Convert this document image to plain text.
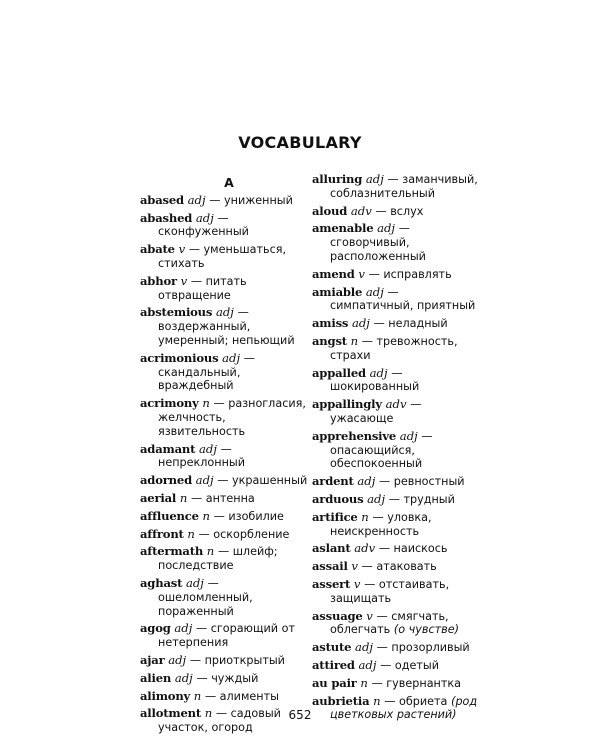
VOCABULARY
A
abased adj — униженный
abashed adj — сконфуженный
abate v — уменьшаться, стихать
abhor v — питать отвращение
abstemious adj — воздержанный, умеренный; непьющий
acrimonious adj — скандальный, враждебный
acrimony n — разногласия, желчность, язвительность
adamant adj — непреклонный
adorned adj — украшенный
aerial n — антенна
affluence n — изобилие
affront n — оскорбление
aftermath n — шлейф; последствие
aghast adj — ошеломленный, пораженный
agog adj — сгорающий от нетерпения
ajar adj — приоткрытый
alien adj — чуждый
alimony n — алименты
allotment n — садовый участок, огород
alluring adj — заманчивый, соблазнительный
aloud adv — вслух
amenable adj — сговорчивый, расположенный
amend v — исправлять
amiable adj — симпатичный, приятный
amiss adj — неладный
angst n — тревожность, страхи
appalled adj — шокированный
appallingly adv — ужасающе
apprehensive adj — опасающийся, обеспокоенный
ardent adj — ревностный
arduous adj — трудный
artifice n — уловка, неискренность
aslant adv — наискось
assail v — атаковать
assert v — отстаивать, защищать
assuage v — смягчать, облегчать (о чувстве)
astute adj — прозорливый
attired adj — одетый
au pair n — гувернантка
aubrietia n — обриета (род цветковых растений)
652
